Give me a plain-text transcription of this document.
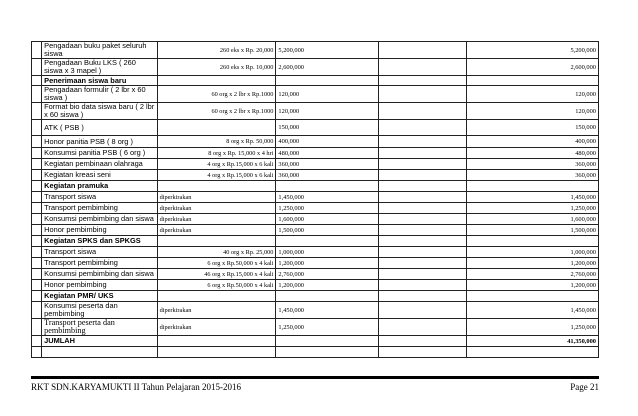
	Pengadaan buku paket seluruh siswa	260 eks x Rp. 20,000	5,200,000		5,200,000
	Pengadaan Buku LKS ( 260 siswa x 3 mapel )	260 eks x Rp. 10,000	2,600,000		2,600,000
	Penerimaan siswa baru				
	Pengadaan formulir ( 2 lbr x 60 siswa )	60 org x 2 lbr x Rp.1000	120,000		120,000
	Format bio data siswa baru ( 2 lbr x 60 siswa )	60 org x 2 lbr x Rp.1000	120,000		120,000
	ATK ( PSB )		150,000		150,000
	Honor panitia PSB ( 8 org )	8 org x Rp. 50,000	400,000		400,000
	Konsumsi panitia PSB ( 6 org )	8 org x Rp. 15,000 x 4 hri	480,000		480,000
	Kegiatan pembinaan olahraga	4 org x Rp.15,000 x 6 kali	360,000		360,000
	Kegiatan kreasi seni	4 org x Rp.15,000 x 6 kali	360,000		360,000
	Kegiatan pramuka				
	Transport siswa	diperkirakan	1,450,000		1,450,000
	Transport pembimbing	diperkirakan	1,250,000		1,250,000
	Konsumsi pembimbing dan siswa	diperkirakan	1,600,000		1,600,000
	Honor pembimbing	diperkirakan	1,500,000		1,500,000
	Kegiatan SPKS dan SPKGS				
	Transport siswa	40 org x Rp. 25,000	1,000,000		1,000,000
	Transport pembimbing	6 org x Rp.50,000 x 4 kali	1,200,000		1,200,000
	Konsumsi pembimbing dan siswa	46 org x Rp.15,000 x 4 kali	2,760,000		2,760,000
	Honor pembimbing	6 org x Rp.50,000 x 4 kali	1,200,000		1,200,000
	Kegiatan PMR/ UKS				
	Konsumsi peserta dan pembimbing	diperkirakan	1,450,000		1,450,000
	Transport peserta dan pembimbing	diperkirakan	1,250,000		1,250,000
	JUMLAH				41,350,000

RKT SDN.KARYAMUKTI II Tahun Pelajaran 2015-2016	Page 21
